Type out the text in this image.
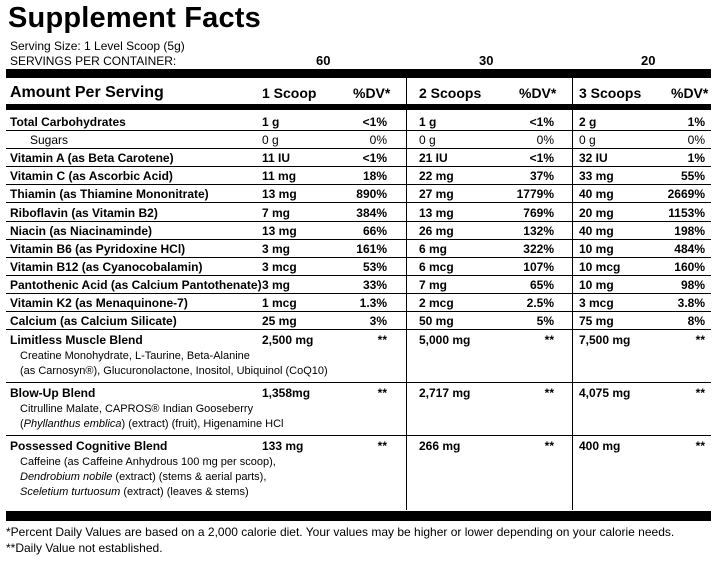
Supplement Facts
Serving Size: 1 Level Scoop (5g)
SERVINGS PER CONTAINER:	60	30	20
Amount Per Serving	1 Scoop	%DV* 2 Scoops	%DV* 3 Scoops %DV*
Total Carbohydrates	1 g	<1%	1 g	<1% 2 g	1%
Sugars	0 g	0%	0 g	0% 0 g	0%
Vitamin A (as Beta Carotene)	11 IU	<1%	21 IU	<1% 32 IU	1%
Vitamin C (as Ascorbic Acid)	11 mg	18%	22 mg	37% 33 mg	55%
Thiamin (as Thiamine Mononitrate)	13 mg	890%	27 mg	1779% 40 mg	2669%
Riboflavin (as Vitamin B2)	7 mg	384%	13 mg	769% 20 mg	1153%
Niacin (as Niacinaminde)	13 mg	66%	26 mg	132% 40 mg	198%
Vitamin B6 (as Pyridoxine HCl)	3 mg	161%	6 mg	322% 10 mg	484%
Vitamin B12 (as Cyanocobalamin)	3 mcg	53%	6 mcg	107% 10 mcg	160%
Pantothenic Acid (as Calcium Pantothenate) 3 mg	33%	7 mg	65% 10 mg	98%
Vitamin K2 (as Menaquinone-7)	1 mcg	1.3%	2 mcg	2.5% 3 mcg	3.8%
Calcium (as Calcium Silicate)	25 mg	3%	50 mg	5% 75 mg	8%
Limitless Muscle Blend	2,500 mg	**	5,000 mg	** 7,500 mg	**
Creatine Monohydrate, L-Taurine, Beta-Alanine
(as Carnosyn®), Glucuronolactone, Inositol, Ubiquinol (CoQ10)
Blow-Up Blend	1,358mg	**	2,717 mg	** 4,075 mg	**
Citrulline Malate, CAPROS® Indian Gooseberry
(Phyllanthus emblica) (extract) (fruit), Higenamine HCl
Possessed Cognitive Blend	133 mg	**	266 mg	** 400 mg	**
Caffeine (as Caffeine Anhydrous 100 mg per scoop),
Dendrobium nobile (extract) (stems & aerial parts),
Sceletium turtuosum (extract) (leaves & stems)
*Percent Daily Values are based on a 2,000 calorie diet. Your values may be higher or lower depending on your calorie needs.
**Daily Value not established.
